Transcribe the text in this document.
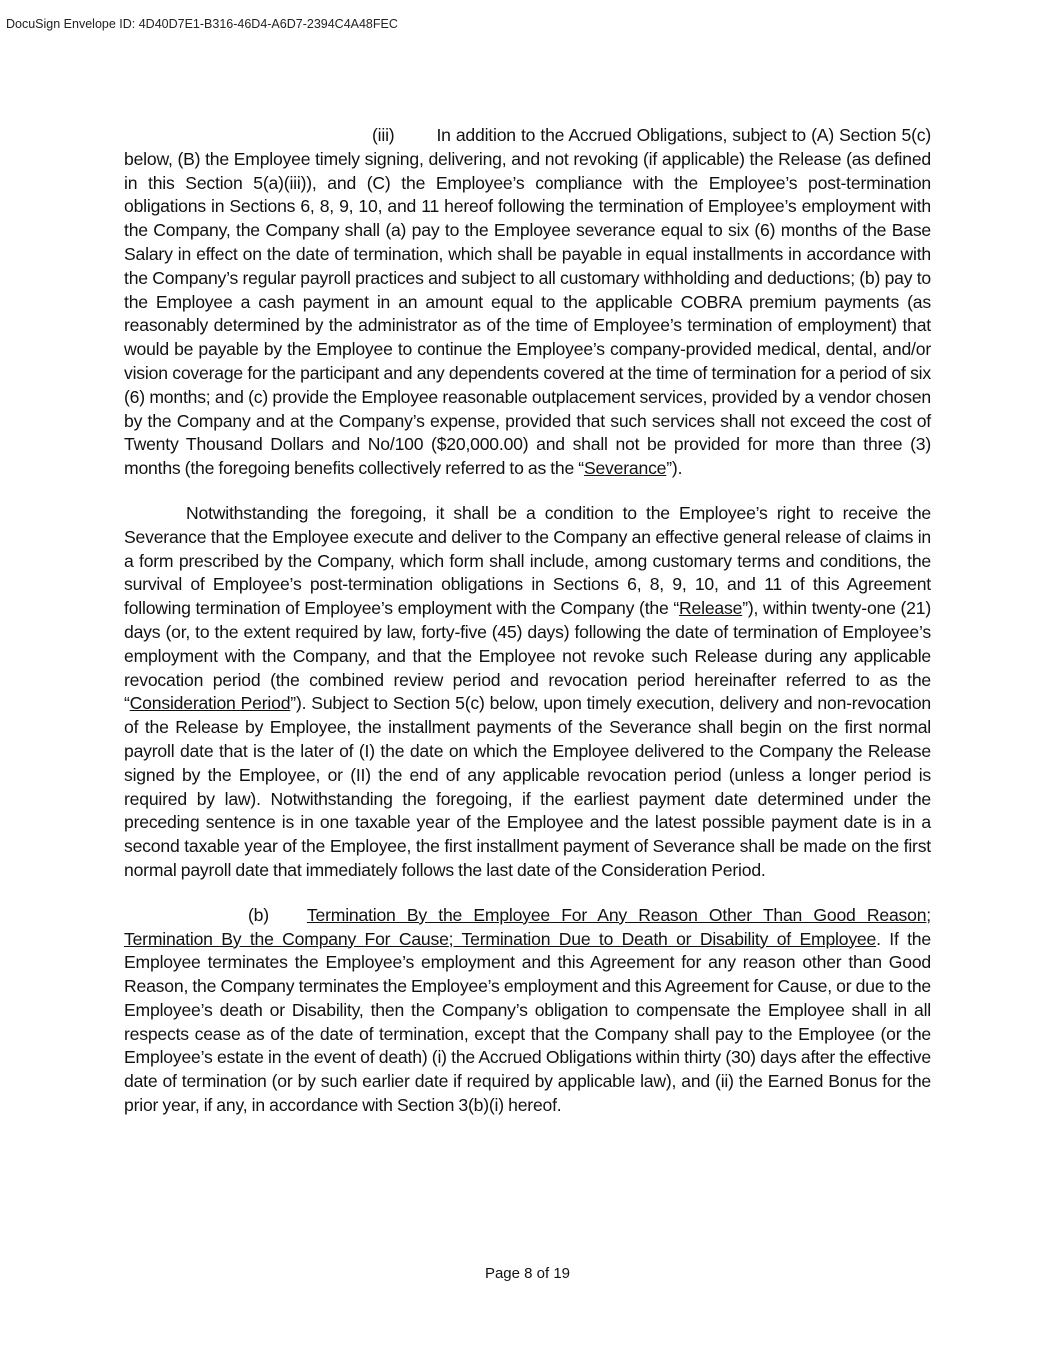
DocuSign Envelope ID: 4D40D7E1-B316-46D4-A6D7-2394C4A48FEC

(iii) In addition to the Accrued Obligations, subject to (A) Section 5(c) below, (B) the Employee timely signing, delivering, and not revoking (if applicable) the Release (as defined in this Section 5(a)(iii)), and (C) the Employee’s compliance with the Employee’s post-termination obligations in Sections 6, 8, 9, 10, and 11 hereof following the termination of Employee’s employment with the Company, the Company shall (a) pay to the Employee severance equal to six (6) months of the Base Salary in effect on the date of termination, which shall be payable in equal installments in accordance with the Company’s regular payroll practices and subject to all customary withholding and deductions; (b) pay to the Employee a cash payment in an amount equal to the applicable COBRA premium payments (as reasonably determined by the administrator as of the time of Employee’s termination of employment) that would be payable by the Employee to continue the Employee’s company-provided medical, dental, and/or vision coverage for the participant and any dependents covered at the time of termination for a period of six (6) months; and (c) provide the Employee reasonable outplacement services, provided by a vendor chosen by the Company and at the Company’s expense, provided that such services shall not exceed the cost of Twenty Thousand Dollars and No/100 ($20,000.00) and shall not be provided for more than three (3) months (the foregoing benefits collectively referred to as the “Severance”).

Notwithstanding the foregoing, it shall be a condition to the Employee’s right to receive the Severance that the Employee execute and deliver to the Company an effective general release of claims in a form prescribed by the Company, which form shall include, among customary terms and conditions, the survival of Employee’s post-termination obligations in Sections 6, 8, 9, 10, and 11 of this Agreement following termination of Employee’s employment with the Company (the “Release”), within twenty-one (21) days (or, to the extent required by law, forty-five (45) days) following the date of termination of Employee’s employment with the Company, and that the Employee not revoke such Release during any applicable revocation period (the combined review period and revocation period hereinafter referred to as the “Consideration Period”). Subject to Section 5(c) below, upon timely execution, delivery and non-revocation of the Release by Employee, the installment payments of the Severance shall begin on the first normal payroll date that is the later of (I) the date on which the Employee delivered to the Company the Release signed by the Employee, or (II) the end of any applicable revocation period (unless a longer period is required by law). Notwithstanding the foregoing, if the earliest payment date determined under the preceding sentence is in one taxable year of the Employee and the latest possible payment date is in a second taxable year of the Employee, the first installment payment of Severance shall be made on the first normal payroll date that immediately follows the last date of the Consideration Period.

(b) Termination By the Employee For Any Reason Other Than Good Reason; Termination By the Company For Cause; Termination Due to Death or Disability of Employee. If the Employee terminates the Employee’s employment and this Agreement for any reason other than Good Reason, the Company terminates the Employee’s employment and this Agreement for Cause, or due to the Employee’s death or Disability, then the Company’s obligation to compensate the Employee shall in all respects cease as of the date of termination, except that the Company shall pay to the Employee (or the Employee’s estate in the event of death) (i) the Accrued Obligations within thirty (30) days after the effective date of termination (or by such earlier date if required by applicable law), and (ii) the Earned Bonus for the prior year, if any, in accordance with Section 3(b)(i) hereof.

Page 8 of 19
